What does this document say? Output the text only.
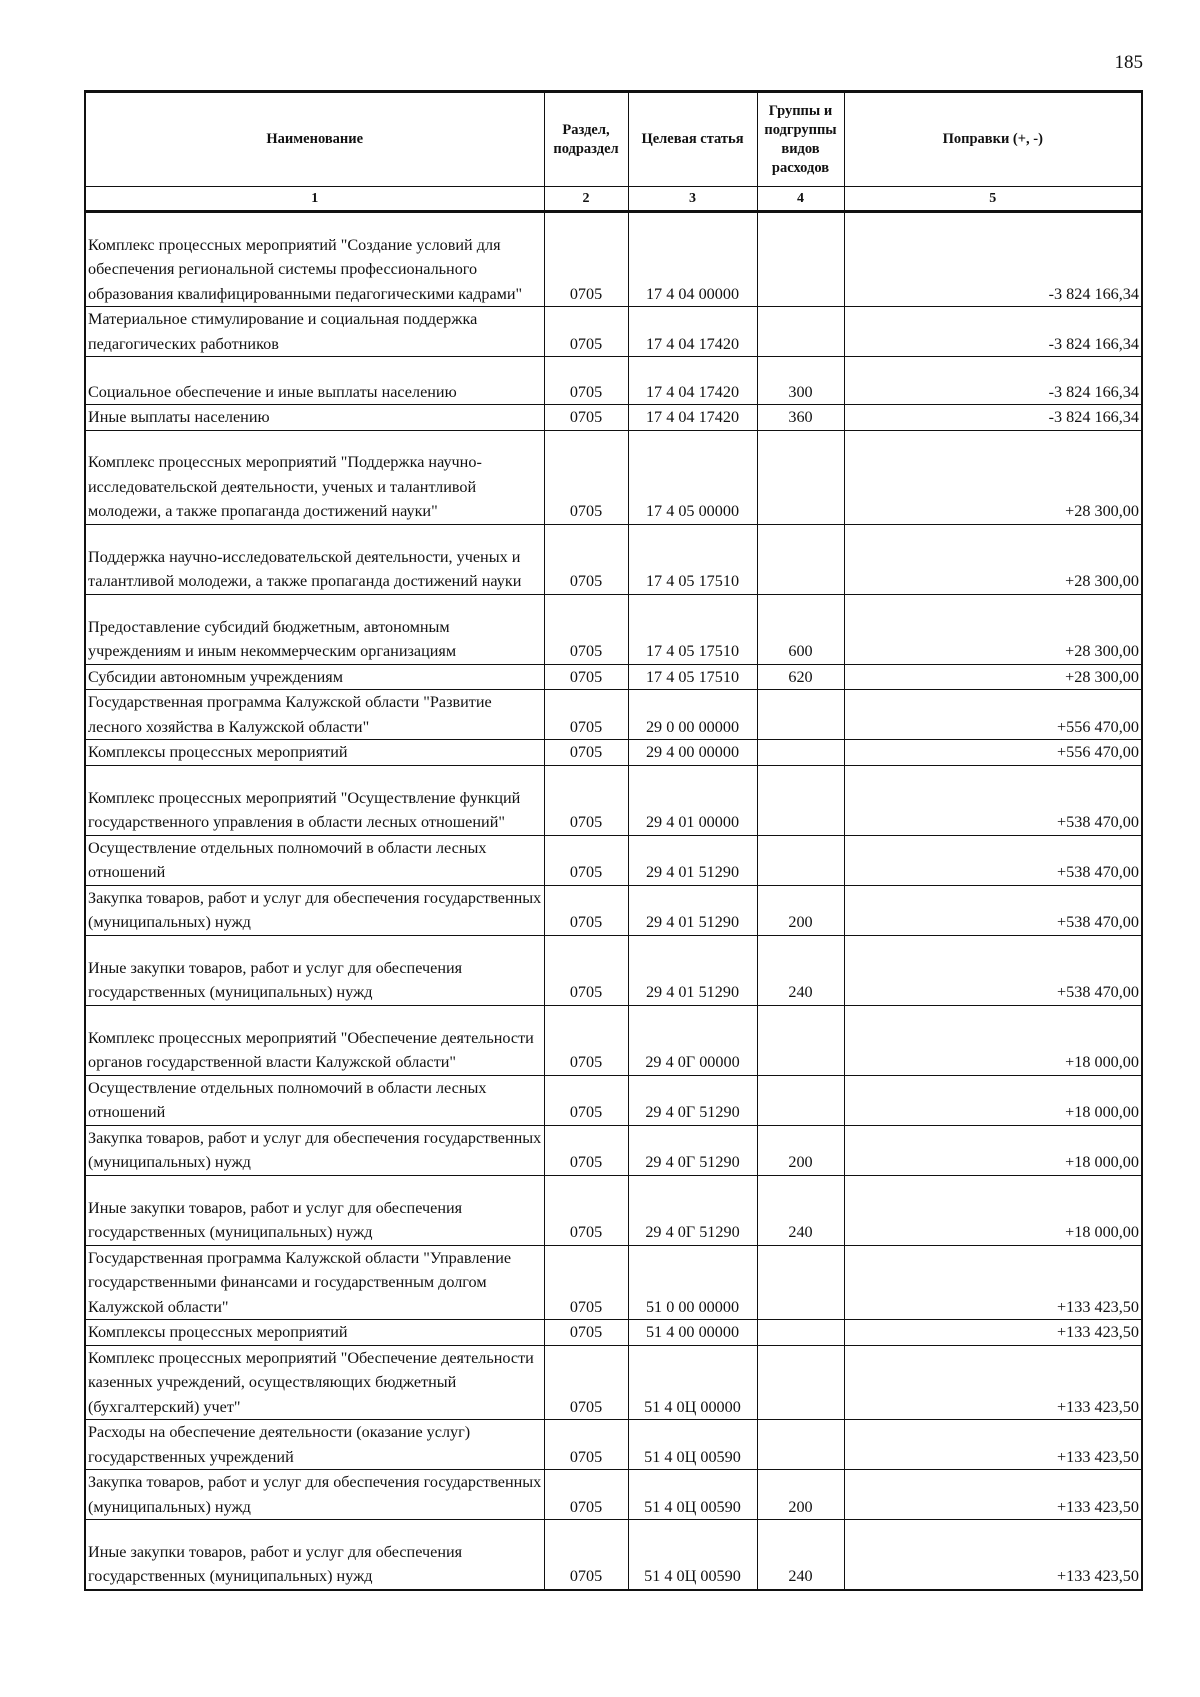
185
Наименование	Раздел, подраздел	Целевая статья	Группы и подгруппы видов расходов	Поправки (+, -)
1	2	3	4	5
Комплекс процессных мероприятий "Создание условий для обеспечения региональной системы профессионального образования квалифицированными педагогическими кадрами"	0705	17 4 04 00000		-3 824 166,34
Материальное стимулирование и социальная поддержка педагогических работников	0705	17 4 04 17420		-3 824 166,34
Социальное обеспечение и иные выплаты населению	0705	17 4 04 17420	300	-3 824 166,34
Иные выплаты населению	0705	17 4 04 17420	360	-3 824 166,34
Комплекс процессных мероприятий "Поддержка научно-исследовательской деятельности, ученых и талантливой молодежи, а также пропаганда достижений науки"	0705	17 4 05 00000		+28 300,00
Поддержка научно-исследовательской деятельности, ученых и талантливой молодежи, а также пропаганда достижений науки	0705	17 4 05 17510		+28 300,00
Предоставление субсидий бюджетным, автономным учреждениям и иным некоммерческим организациям	0705	17 4 05 17510	600	+28 300,00
Субсидии автономным учреждениям	0705	17 4 05 17510	620	+28 300,00
Государственная программа Калужской области "Развитие лесного хозяйства в Калужской области"	0705	29 0 00 00000		+556 470,00
Комплексы процессных мероприятий	0705	29 4 00 00000		+556 470,00
Комплекс процессных мероприятий "Осуществление функций государственного управления в области лесных отношений"	0705	29 4 01 00000		+538 470,00
Осуществление отдельных полномочий в области лесных отношений	0705	29 4 01 51290		+538 470,00
Закупка товаров, работ и услуг для обеспечения государственных (муниципальных) нужд	0705	29 4 01 51290	200	+538 470,00
Иные закупки товаров, работ и услуг для обеспечения государственных (муниципальных) нужд	0705	29 4 01 51290	240	+538 470,00
Комплекс процессных мероприятий "Обеспечение деятельности органов государственной власти Калужской области"	0705	29 4 0Г 00000		+18 000,00
Осуществление отдельных полномочий в области лесных отношений	0705	29 4 0Г 51290		+18 000,00
Закупка товаров, работ и услуг для обеспечения государственных (муниципальных) нужд	0705	29 4 0Г 51290	200	+18 000,00
Иные закупки товаров, работ и услуг для обеспечения государственных (муниципальных) нужд	0705	29 4 0Г 51290	240	+18 000,00
Государственная программа Калужской области "Управление государственными финансами и государственным долгом Калужской области"	0705	51 0 00 00000		+133 423,50
Комплексы процессных мероприятий	0705	51 4 00 00000		+133 423,50
Комплекс процессных мероприятий "Обеспечение деятельности казенных учреждений, осуществляющих бюджетный (бухгалтерский) учет"	0705	51 4 0Ц 00000		+133 423,50
Расходы на обеспечение деятельности (оказание услуг) государственных учреждений	0705	51 4 0Ц 00590		+133 423,50
Закупка товаров, работ и услуг для обеспечения государственных (муниципальных) нужд	0705	51 4 0Ц 00590	200	+133 423,50
Иные закупки товаров, работ и услуг для обеспечения государственных (муниципальных) нужд	0705	51 4 0Ц 00590	240	+133 423,50
